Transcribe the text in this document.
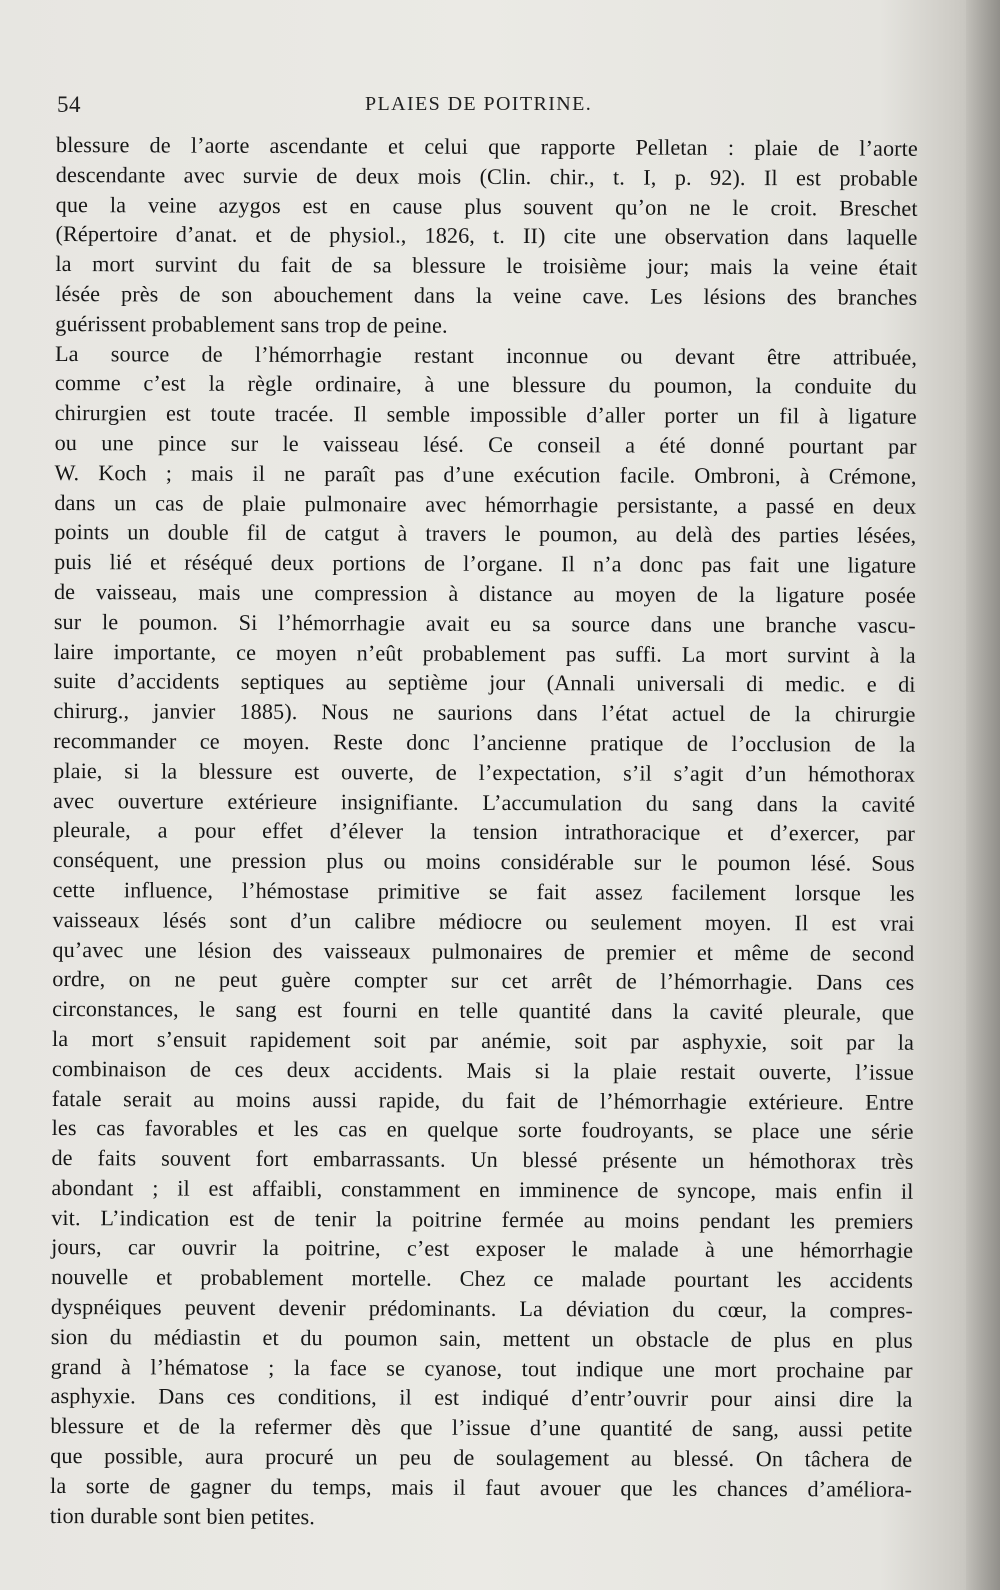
54	PLAIES DE POITRINE.
blessure de l’aorte ascendante et celui que rapporte Pelletan : plaie de l’aorte
descendante avec survie de deux mois (Clin. chir., t. I, p. 92). Il est probable
que la veine azygos est en cause plus souvent qu’on ne le croit. Breschet
(Répertoire d’anat. et de physiol., 1826, t. II) cite une observation dans laquelle
la mort survint du fait de sa blessure le troisième jour; mais la veine était
lésée près de son abouchement dans la veine cave. Les lésions des branches
guérissent probablement sans trop de peine.
La source de l’hémorrhagie restant inconnue ou devant être attribuée,
comme c’est la règle ordinaire, à une blessure du poumon, la conduite du
chirurgien est toute tracée. Il semble impossible d’aller porter un fil à ligature
ou une pince sur le vaisseau lésé. Ce conseil a été donné pourtant par
W. Koch ; mais il ne paraît pas d’une exécution facile. Ombroni, à Crémone,
dans un cas de plaie pulmonaire avec hémorrhagie persistante, a passé en deux
points un double fil de catgut à travers le poumon, au delà des parties lésées,
puis lié et réséqué deux portions de l’organe. Il n’a donc pas fait une ligature
de vaisseau, mais une compression à distance au moyen de la ligature posée
sur le poumon. Si l’hémorrhagie avait eu sa source dans une branche vascu-
laire importante, ce moyen n’eût probablement pas suffi. La mort survint à la
suite d’accidents septiques au septième jour (Annali universali di medic. e di
chirurg., janvier 1885). Nous ne saurions dans l’état actuel de la chirurgie
recommander ce moyen. Reste donc l’ancienne pratique de l’occlusion de la
plaie, si la blessure est ouverte, de l’expectation, s’il s’agit d’un hémothorax
avec ouverture extérieure insignifiante. L’accumulation du sang dans la cavité
pleurale, a pour effet d’élever la tension intrathoracique et d’exercer, par
conséquent, une pression plus ou moins considérable sur le poumon lésé. Sous
cette influence, l’hémostase primitive se fait assez facilement lorsque les
vaisseaux lésés sont d’un calibre médiocre ou seulement moyen. Il est vrai
qu’avec une lésion des vaisseaux pulmonaires de premier et même de second
ordre, on ne peut guère compter sur cet arrêt de l’hémorrhagie. Dans ces
circonstances, le sang est fourni en telle quantité dans la cavité pleurale, que
la mort s’ensuit rapidement soit par anémie, soit par asphyxie, soit par la
combinaison de ces deux accidents. Mais si la plaie restait ouverte, l’issue
fatale serait au moins aussi rapide, du fait de l’hémorrhagie extérieure. Entre
les cas favorables et les cas en quelque sorte foudroyants, se place une série
de faits souvent fort embarrassants. Un blessé présente un hémothorax très
abondant ; il est affaibli, constamment en imminence de syncope, mais enfin il
vit. L’indication est de tenir la poitrine fermée au moins pendant les premiers
jours, car ouvrir la poitrine, c’est exposer le malade à une hémorrhagie
nouvelle et probablement mortelle. Chez ce malade pourtant les accidents
dyspnéiques peuvent devenir prédominants. La déviation du cœur, la compres-
sion du médiastin et du poumon sain, mettent un obstacle de plus en plus
grand à l’hématose ; la face se cyanose, tout indique une mort prochaine par
asphyxie. Dans ces conditions, il est indiqué d’entr’ouvrir pour ainsi dire la
blessure et de la refermer dès que l’issue d’une quantité de sang, aussi petite
que possible, aura procuré un peu de soulagement au blessé. On tâchera de
la sorte de gagner du temps, mais il faut avouer que les chances d’améliora-
tion durable sont bien petites.
